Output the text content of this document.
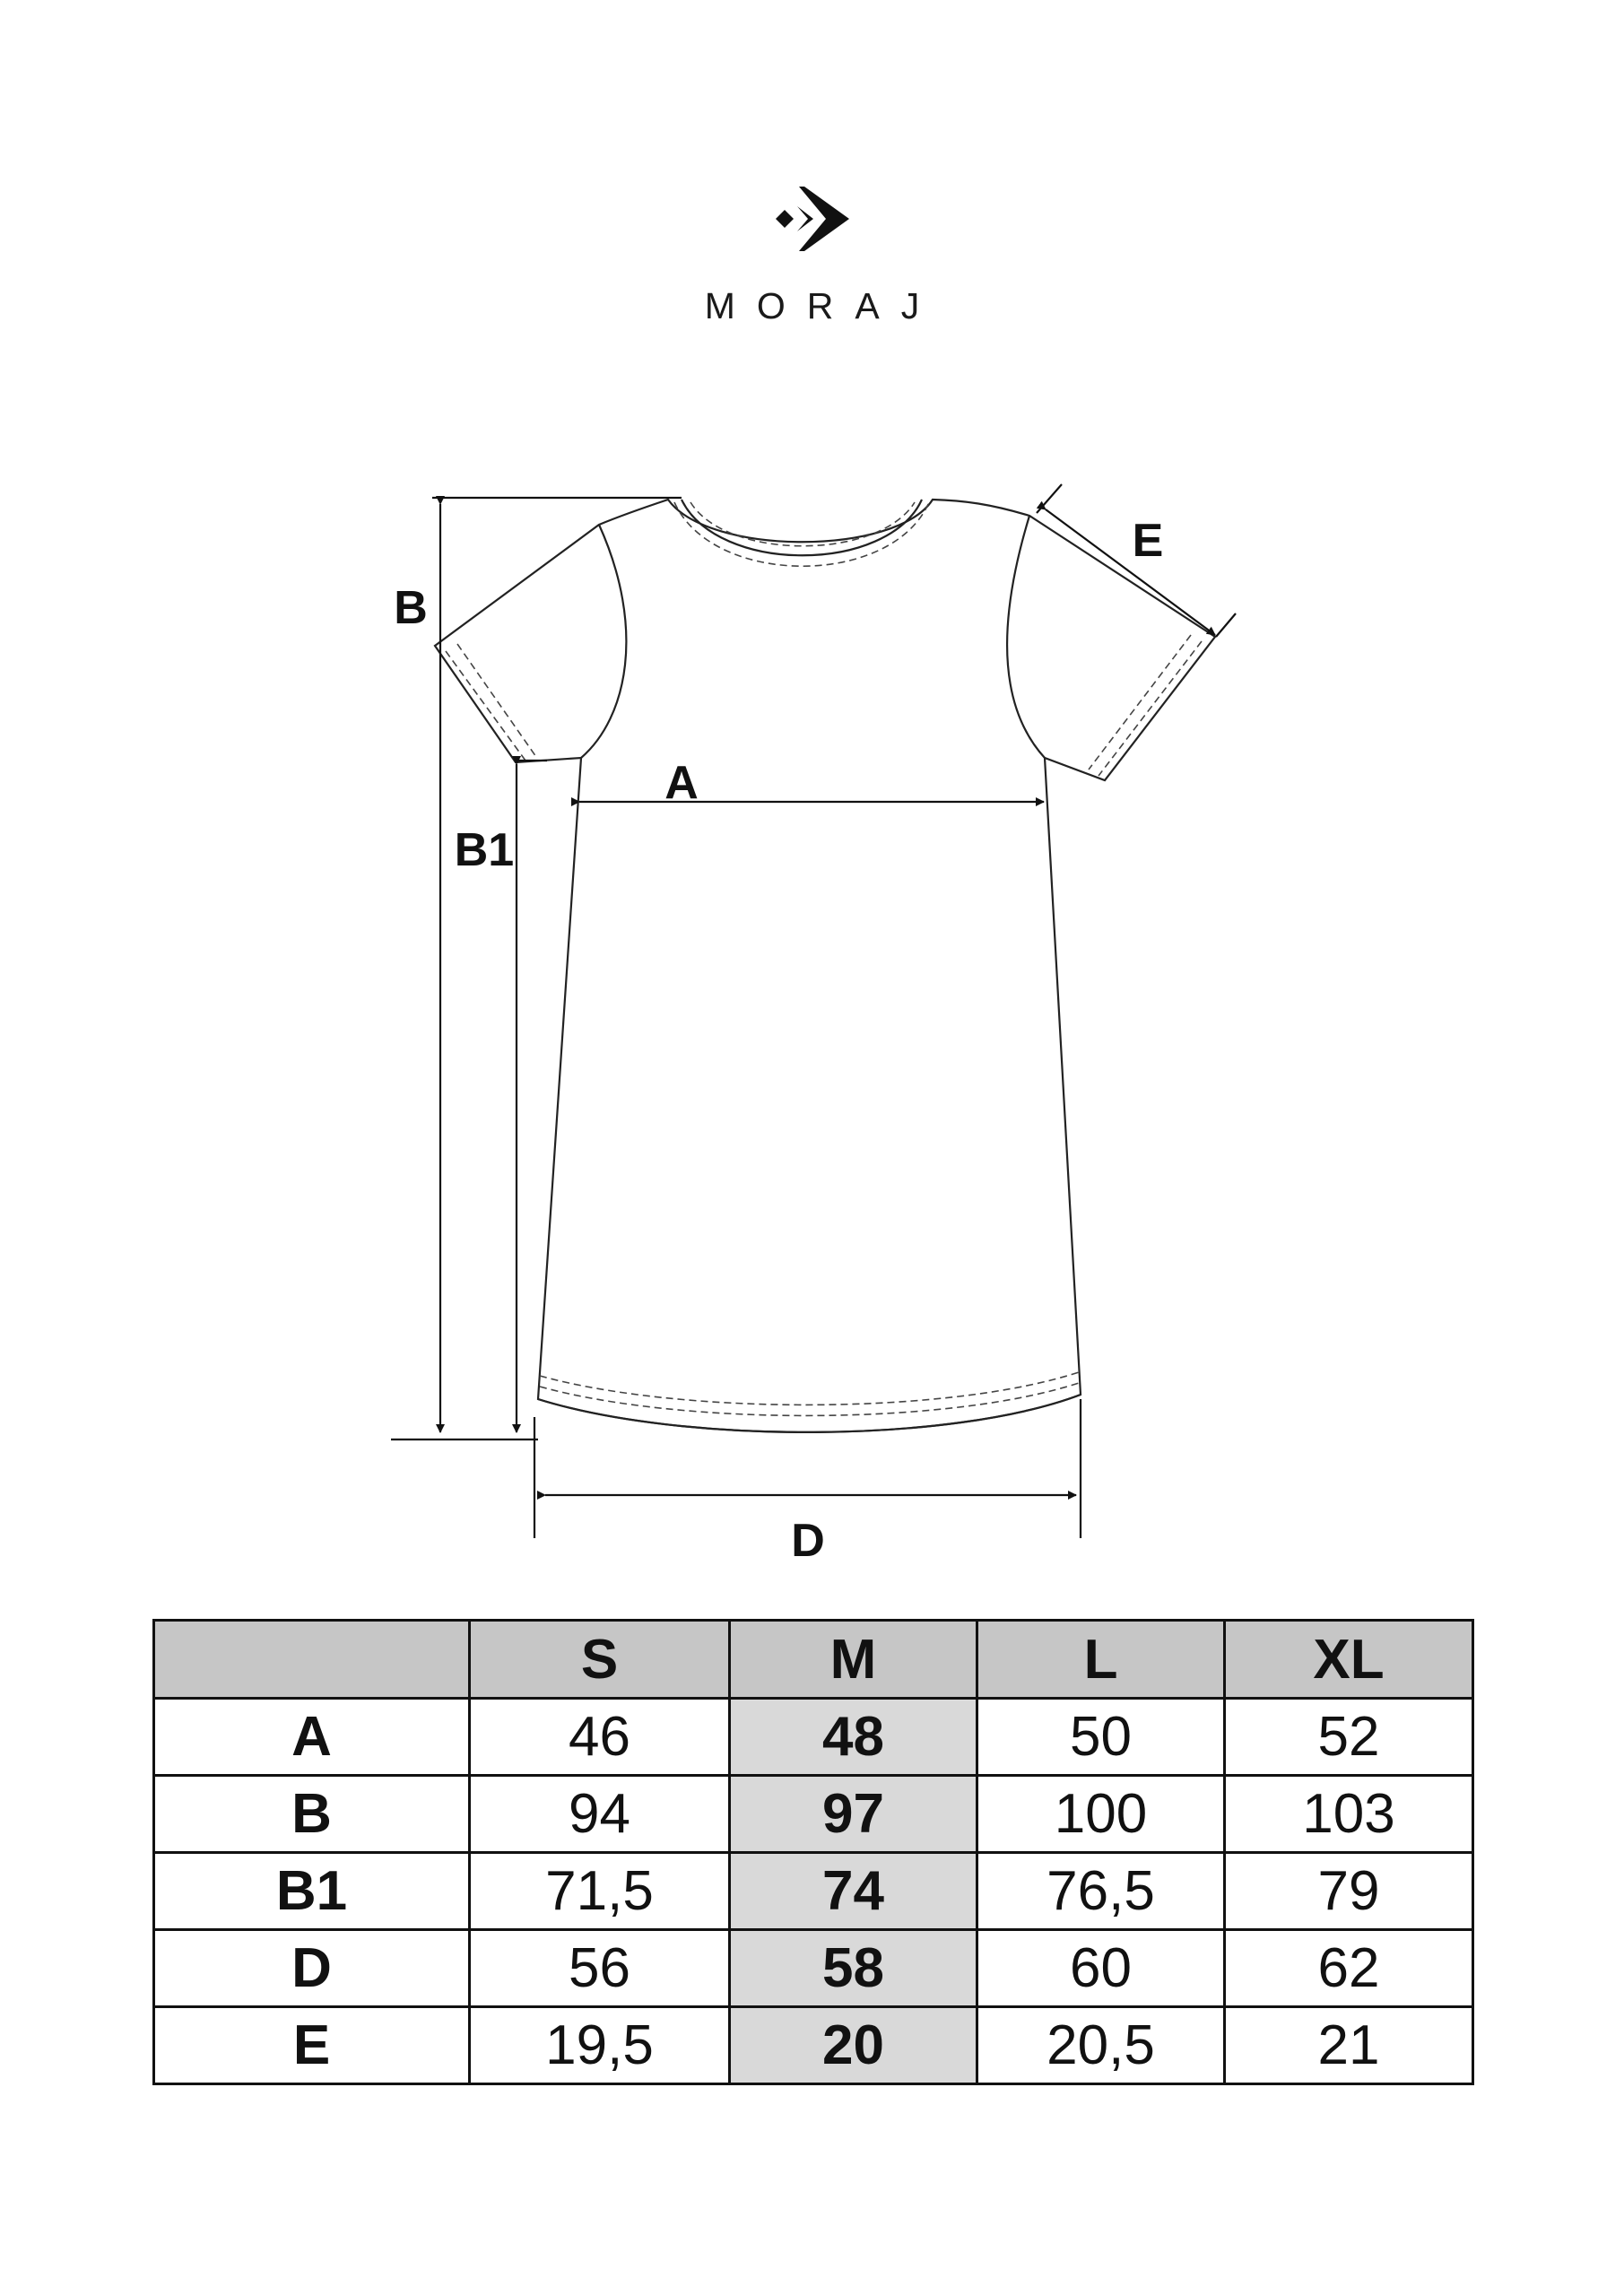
MORAJ
B
B1
A
D
E
	S	M	L	XL
A	46	48	50	52
B	94	97	100	103
B1	71,5	74	76,5	79
D	56	58	60	62
E	19,5	20	20,5	21
